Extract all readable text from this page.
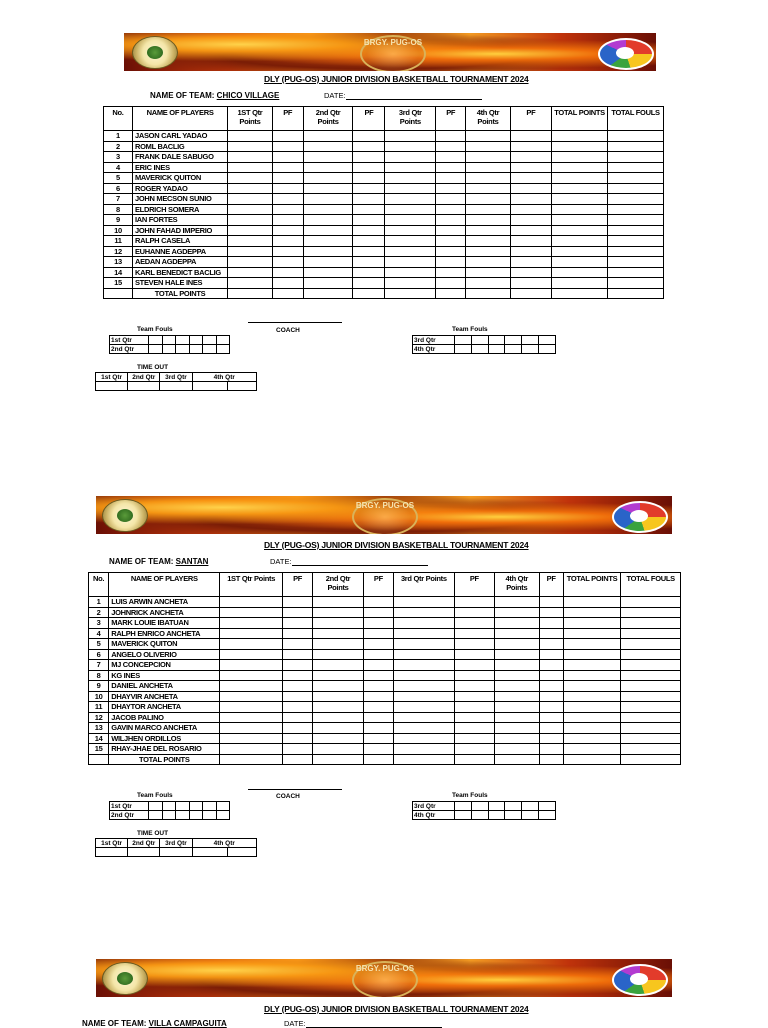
BRGY. PUG-OS
DLY (PUG-OS) JUNIOR DIVISION BASKETBALL TOURNAMENT 2024
NAME OF TEAM: CHICO VILLAGE	DATE:
No.	NAME OF PLAYERS	1ST Qtr Points	PF	2nd Qtr Points	PF	3rd Qtr Points	PF	4th Qtr Points	PF	TOTAL POINTS	TOTAL FOULS
1	JASON CARL YADAO										
2	ROML BACLIG										
3	FRANK DALE SABUGO										
4	ERIC INES										
5	MAVERICK QUITON										
6	ROGER YADAO										
7	JOHN MECSON SUNIO										
8	ELDRICH SOMERA										
9	IAN FORTES										
10	JOHN FAHAD IMPERIO										
11	RALPH CASELA										
12	EUHANNE AGDEPPA										
13	AEDAN AGDEPPA										
14	KARL BENEDICT BACLIG										
15	STEVEN HALE INES										
	TOTAL POINTS										
COACH
Team Fouls
1st Qtr						
2nd Qtr						
Team Fouls
3rd Qtr						
4th Qtr						
TIME OUT
1st Qtr	2nd Qtr	3rd Qtr	4th Qtr	

BRGY. PUG-OS
DLY (PUG-OS) JUNIOR DIVISION BASKETBALL TOURNAMENT 2024
NAME OF TEAM: SANTAN	DATE:
No.	NAME OF PLAYERS	1ST Qtr Points	PF	2nd Qtr Points	PF	3rd Qtr Points	PF	4th Qtr Points	PF	TOTAL POINTS	TOTAL FOULS
1	LUIS ARWIN ANCHETA										
2	JOHNRICK ANCHETA										
3	MARK LOUIE IBATUAN										
4	RALPH ENRICO ANCHETA										
5	MAVERICK QUITON										
6	ANGELO OLIVERIO										
7	MJ CONCEPCION										
8	KG INES										
9	DANIEL ANCHETA										
10	DHAYVIR ANCHETA										
11	DHAYTOR ANCHETA										
12	JACOB PALINO										
13	GAVIN MARCO ANCHETA										
14	WILJHEN ORDILLOS										
15	RHAY-JHAE DEL ROSARIO										
	TOTAL POINTS										
COACH
Team Fouls
1st Qtr						
2nd Qtr						
Team Fouls
3rd Qtr						
4th Qtr						
TIME OUT
1st Qtr	2nd Qtr	3rd Qtr	4th Qtr	

BRGY. PUG-OS
DLY (PUG-OS) JUNIOR DIVISION BASKETBALL TOURNAMENT 2024
NAME OF TEAM: VILLA CAMPAGUITA	DATE:
